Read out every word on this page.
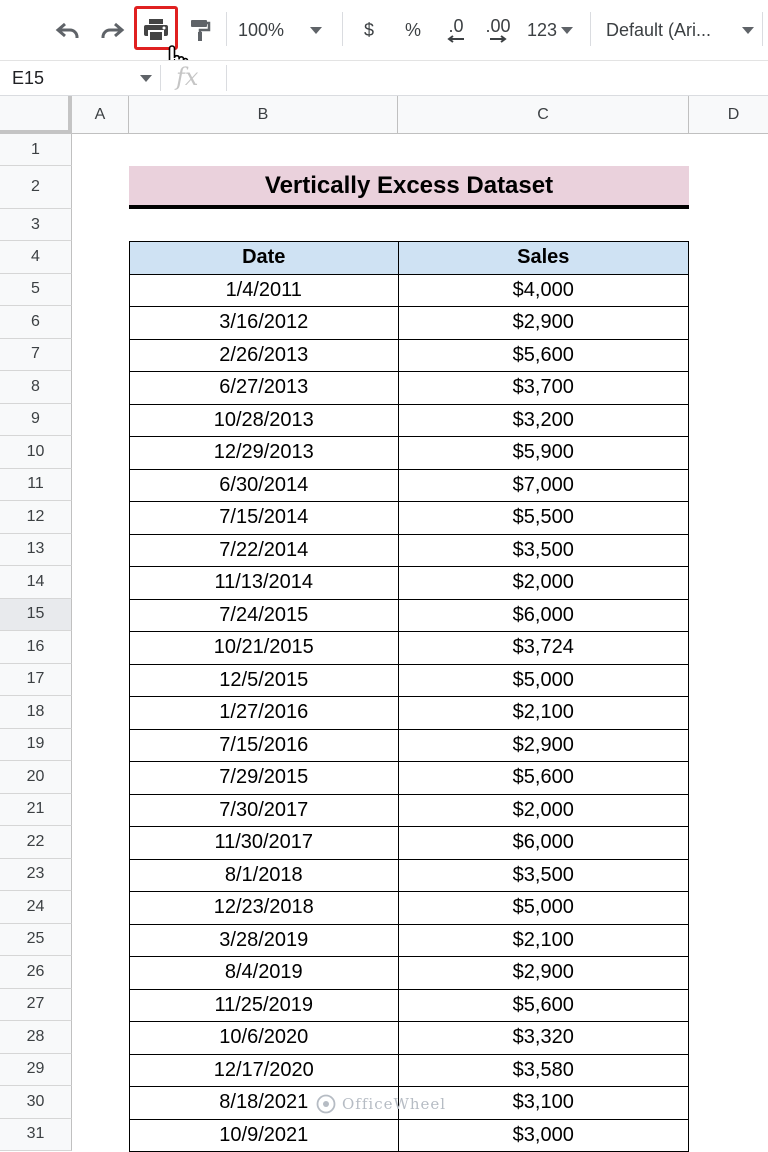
100%	$	%	.0 .00 123	Default (Ari...
E15	fx
A	B	C	D
1
2
3
4
5
6
7
8
9
10
11
12
13
14
15
16
17
18
19
20
21
22
23
24
25
26
27
28
29
30
31
Vertically Excess Dataset
Date	Sales
1/4/2011	$4,000
3/16/2012	$2,900
2/26/2013	$5,600
6/27/2013	$3,700
10/28/2013	$3,200
12/29/2013	$5,900
6/30/2014	$7,000
7/15/2014	$5,500
7/22/2014	$3,500
11/13/2014	$2,000
7/24/2015	$6,000
10/21/2015	$3,724
12/5/2015	$5,000
1/27/2016	$2,100
7/15/2016	$2,900
7/29/2015	$5,600
7/30/2017	$2,000
11/30/2017	$6,000
8/1/2018	$3,500
12/23/2018	$5,000
3/28/2019	$2,100
8/4/2019	$2,900
11/25/2019	$5,600
10/6/2020	$3,320
12/17/2020	$3,580
8/18/2021	$3,100
10/9/2021	$3,000
OfficeWheel
